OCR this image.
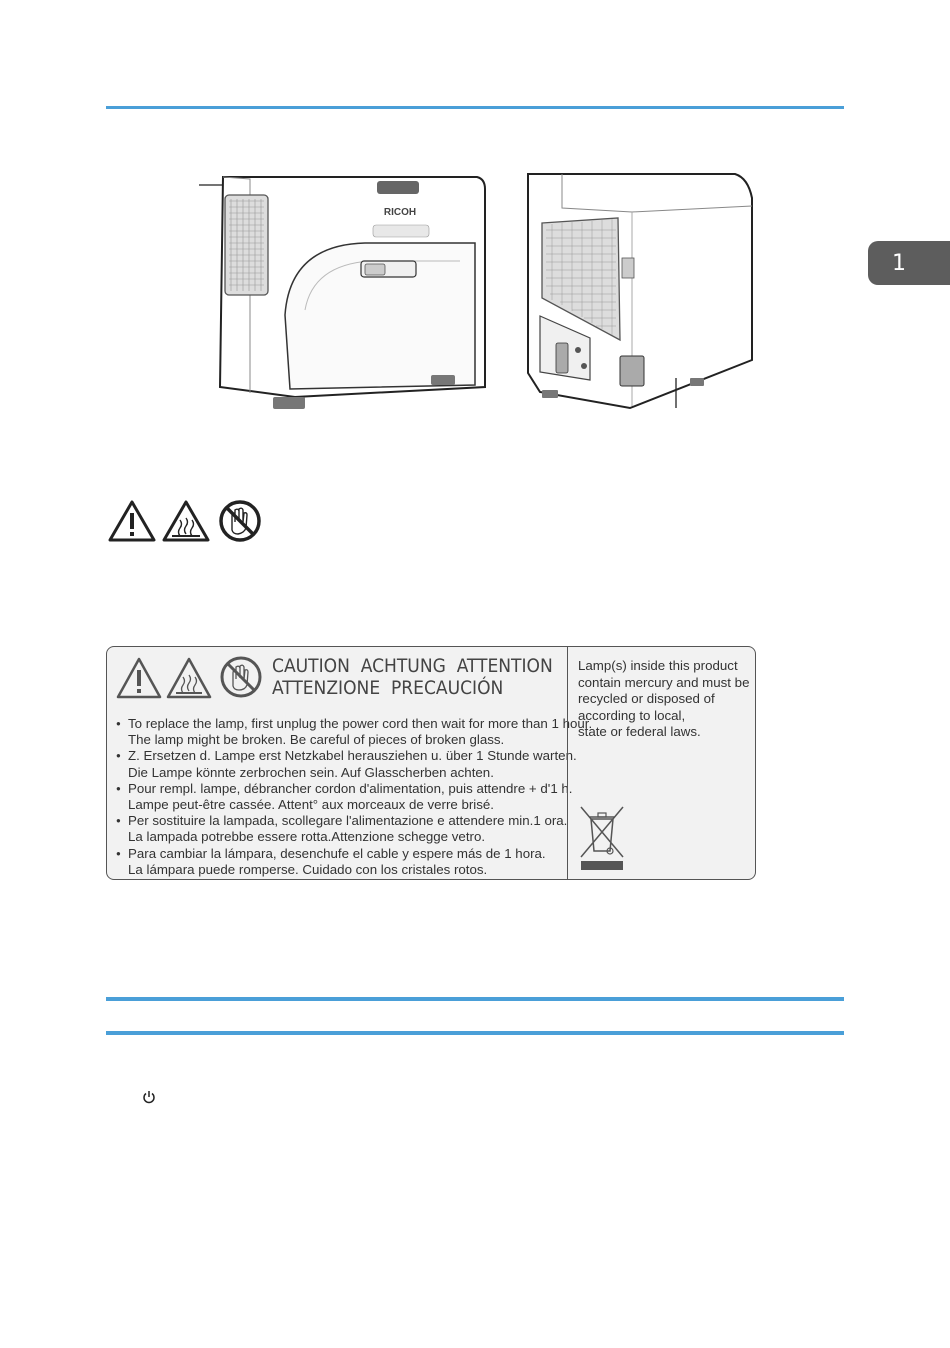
1
RICOH
CAUTION  ACHTUNG  ATTENTION
ATTENZIONE  PRECAUCIÓN
● To replace the lamp, first unplug the power cord then wait for more than 1 hour.
The lamp might be broken. Be careful of pieces of broken glass.
● Z. Ersetzen d. Lampe erst Netzkabel herausziehen u. über 1 Stunde warten.
Die Lampe könnte zerbrochen sein. Auf Glasscherben achten.
● Pour rempl. lampe, débrancher cordon d'alimentation, puis attendre + d'1 h.
Lampe peut-être cassée. Attent° aux morceaux de verre brisé.
● Per sostituire la lampada, scollegare l'alimentazione e attendere min.1 ora.
La lampada potrebbe essere rotta.Attenzione schegge vetro.
● Para cambiar la lámpara, desenchufe el cable y espere más de 1 hora.
La lámpara puede romperse. Cuidado con los cristales rotos.
Lamp(s) inside this product
contain mercury and must be
recycled or disposed of
according to local,
state or federal laws.
